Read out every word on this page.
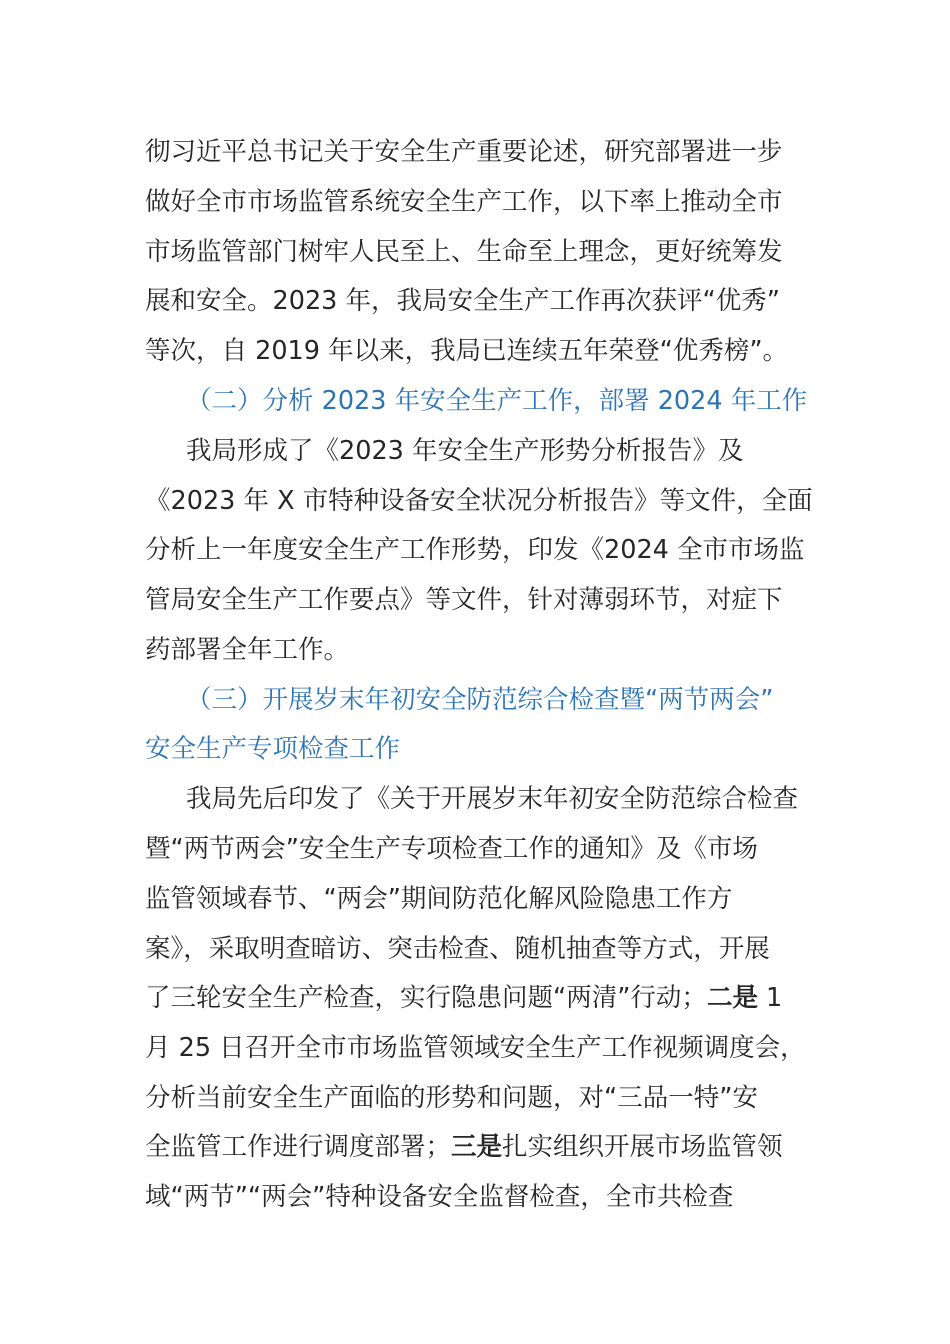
彻习近平总书记关于安全生产重要论述，研究部署进一步
做好全市市场监管系统安全生产工作，以下率上推动全市
市场监管部门树牢人民至上、生命至上理念，更好统筹发
展和安全。2023 年，我局安全生产工作再次获评“优秀”
等次，自 2019 年以来，我局已连续五年荣登“优秀榜”。
（二）分析 2023 年安全生产工作，部署 2024 年工作
我局形成了《2023 年安全生产形势分析报告》及
《2023 年 X 市特种设备安全状况分析报告》等文件，全面
分析上一年度安全生产工作形势，印发《2024 全市市场监
管局安全生产工作要点》等文件，针对薄弱环节，对症下
药部署全年工作。
（三）开展岁末年初安全防范综合检查暨“两节两会”
安全生产专项检查工作
我局先后印发了《关于开展岁末年初安全防范综合检查
暨“两节两会”安全生产专项检查工作的通知》及《市场
监管领域春节、“两会”期间防范化解风险隐患工作方
案》，采取明查暗访、突击检查、随机抽查等方式，开展
了三轮安全生产检查，实行隐患问题“两清”行动；二是 1
月 25 日召开全市市场监管领域安全生产工作视频调度会，
分析当前安全生产面临的形势和问题，对“三品一特”安
全监管工作进行调度部署；三是扎实组织开展市场监管领
域“两节”“两会”特种设备安全监督检查，全市共检查
